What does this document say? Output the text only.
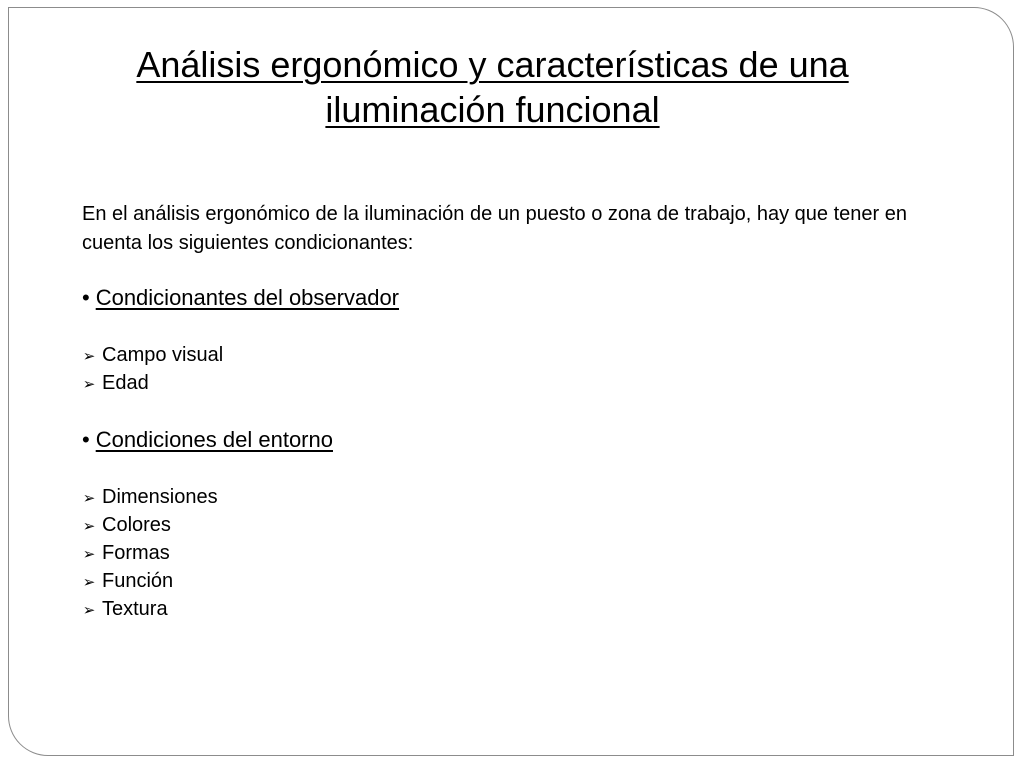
Análisis ergonómico y características de una iluminación funcional

En el análisis ergonómico de la iluminación de un puesto o zona de trabajo, hay que tener en cuenta los siguientes condicionantes:

• Condicionantes del observador
➢ Campo visual
➢ Edad
• Condiciones del entorno
➢ Dimensiones
➢ Colores
➢ Formas
➢ Función
➢ Textura
